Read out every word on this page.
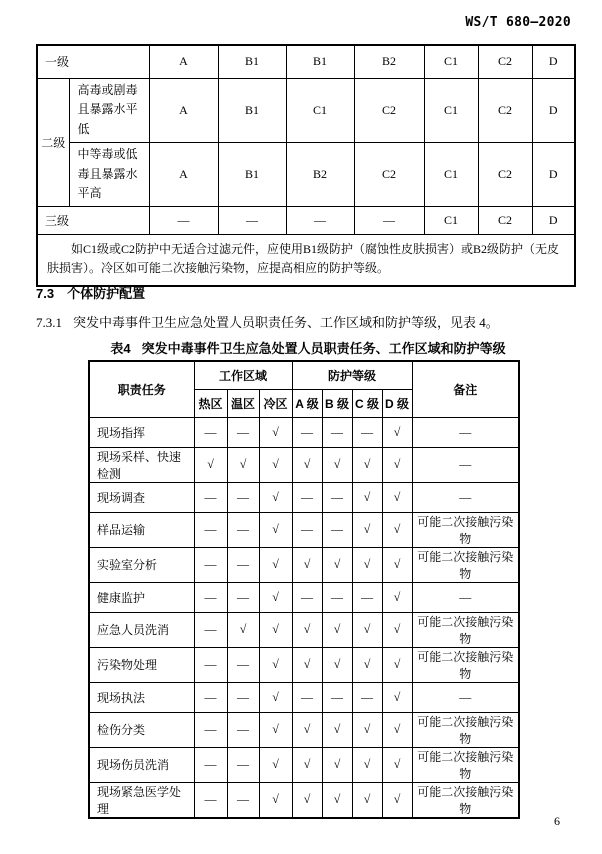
WS/T 680—2020
一级		A	B1	B1	B2	C1	C2	D
二级	高毒或剧毒且暴露水平低	A	B1	C1	C2	C1	C2	D
	中等毒或低毒且暴露水平高	A	B1	B2	C2	C1	C2	D
三级		—	—	—	—	C1	C2	D
如C1级或C2防护中无适合过滤元件，应使用B1级防护（腐蚀性皮肤损害）或B2级防护（无皮肤损害）。冷区如可能二次接触污染物，应提高相应的防护等级。								
7.3 个体防护配置
7.3.1 突发中毒事件卫生应急处置人员职责任务、工作区域和防护等级，见表 4。
表4 突发中毒事件卫生应急处置人员职责任务、工作区域和防护等级
职责任务	工作区域			防护等级				备注
	热区	温区	冷区	A 级	B 级	C 级	D 级	
现场指挥	—	—	√	—	—	—	√	—
现场采样、快速检测	√	√	√	√	√	√	√	—
现场调查	—	—	√	—	—	√	√	—
样品运输	—	—	√	—	—	√	√	可能二次接触污染物
实验室分析	—	—	√	√	√	√	√	可能二次接触污染物
健康监护	—	—	√	—	—	—	√	—
应急人员洗消	—	√	√	√	√	√	√	可能二次接触污染物
污染物处理	—	—	√	√	√	√	√	可能二次接触污染物
现场执法	—	—	√	—	—	—	√	—
检伤分类	—	—	√	√	√	√	√	可能二次接触污染物
现场伤员洗消	—	—	√	√	√	√	√	可能二次接触污染物
现场紧急医学处理	—	—	√	√	√	√	√	可能二次接触污染物
6
